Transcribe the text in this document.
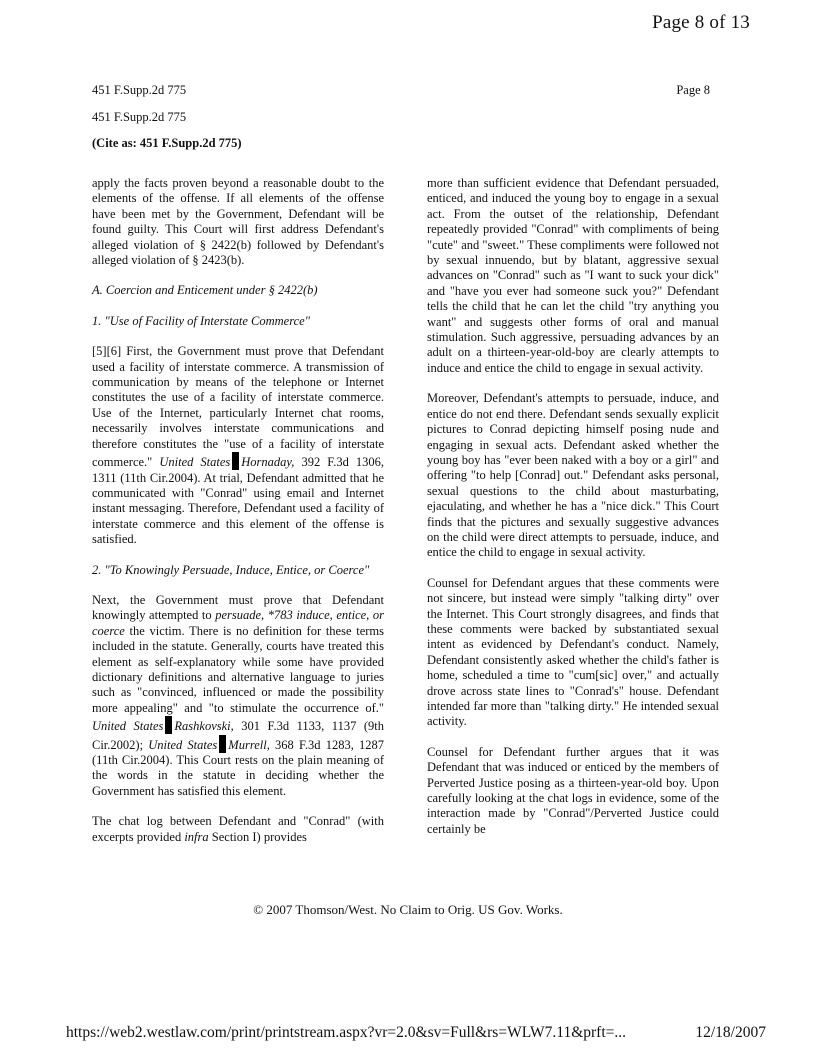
Page 8 of 13
451 F.Supp.2d 775	Page 8
451 F.Supp.2d 775
(Cite as: 451 F.Supp.2d 775)

apply the facts proven beyond a reasonable doubt to the elements of the offense. If all elements of the offense have been met by the Government, Defendant will be found guilty. This Court will first address Defendant's alleged violation of § 2422(b) followed by Defendant's alleged violation of § 2423(b).

A. Coercion and Enticement under § 2422(b)

1. "Use of Facility of Interstate Commerce"

[5][6] First, the Government must prove that Defendant used a facility of interstate commerce. A transmission of communication by means of the telephone or Internet constitutes the use of a facility of interstate commerce. Use of the Internet, particularly Internet chat rooms, necessarily involves interstate communications and therefore constitutes the "use of a facility of interstate commerce." United States Hornaday, 392 F.3d 1306, 1311 (11th Cir.2004). At trial, Defendant admitted that he communicated with "Conrad" using email and Internet instant messaging. Therefore, Defendant used a facility of interstate commerce and this element of the offense is satisfied.

2. "To Knowingly Persuade, Induce, Entice, or Coerce"

Next, the Government must prove that Defendant knowingly attempted to persuade, *783 induce, entice, or coerce the victim. There is no definition for these terms included in the statute. Generally, courts have treated this element as self-explanatory while some have provided dictionary definitions and alternative language to juries such as "convinced, influenced or made the possibility more appealing" and "to stimulate the occurrence of." United States Rashkovski, 301 F.3d 1133, 1137 (9th Cir.2002); United States Murrell, 368 F.3d 1283, 1287 (11th Cir.2004). This Court rests on the plain meaning of the words in the statute in deciding whether the Government has satisfied this element.

The chat log between Defendant and "Conrad" (with excerpts provided infra Section I) provides

more than sufficient evidence that Defendant persuaded, enticed, and induced the young boy to engage in a sexual act. From the outset of the relationship, Defendant repeatedly provided "Conrad" with compliments of being "cute" and "sweet." These compliments were followed not by sexual innuendo, but by blatant, aggressive sexual advances on "Conrad" such as "I want to suck your dick" and "have you ever had someone suck you?" Defendant tells the child that he can let the child "try anything you want" and suggests other forms of oral and manual stimulation. Such aggressive, persuading advances by an adult on a thirteen-year-old-boy are clearly attempts to induce and entice the child to engage in sexual activity.

Moreover, Defendant's attempts to persuade, induce, and entice do not end there. Defendant sends sexually explicit pictures to Conrad depicting himself posing nude and engaging in sexual acts. Defendant asked whether the young boy has "ever been naked with a boy or a girl" and offering "to help [Conrad] out." Defendant asks personal, sexual questions to the child about masturbating, ejaculating, and whether he has a "nice dick." This Court finds that the pictures and sexually suggestive advances on the child were direct attempts to persuade, induce, and entice the child to engage in sexual activity.

Counsel for Defendant argues that these comments were not sincere, but instead were simply "talking dirty" over the Internet. This Court strongly disagrees, and finds that these comments were backed by substantiated sexual intent as evidenced by Defendant's conduct. Namely, Defendant consistently asked whether the child's father is home, scheduled a time to "cum[sic] over," and actually drove across state lines to "Conrad's" house. Defendant intended far more than "talking dirty." He intended sexual activity.

Counsel for Defendant further argues that it was Defendant that was induced or enticed by the members of Perverted Justice posing as a thirteen-year-old boy. Upon carefully looking at the chat logs in evidence, some of the interaction made by "Conrad"/Perverted Justice could certainly be

© 2007 Thomson/West. No Claim to Orig. US Gov. Works.
https://web2.westlaw.com/print/printstream.aspx?vr=2.0&sv=Full&rs=WLW7.11&prft=...	12/18/2007
